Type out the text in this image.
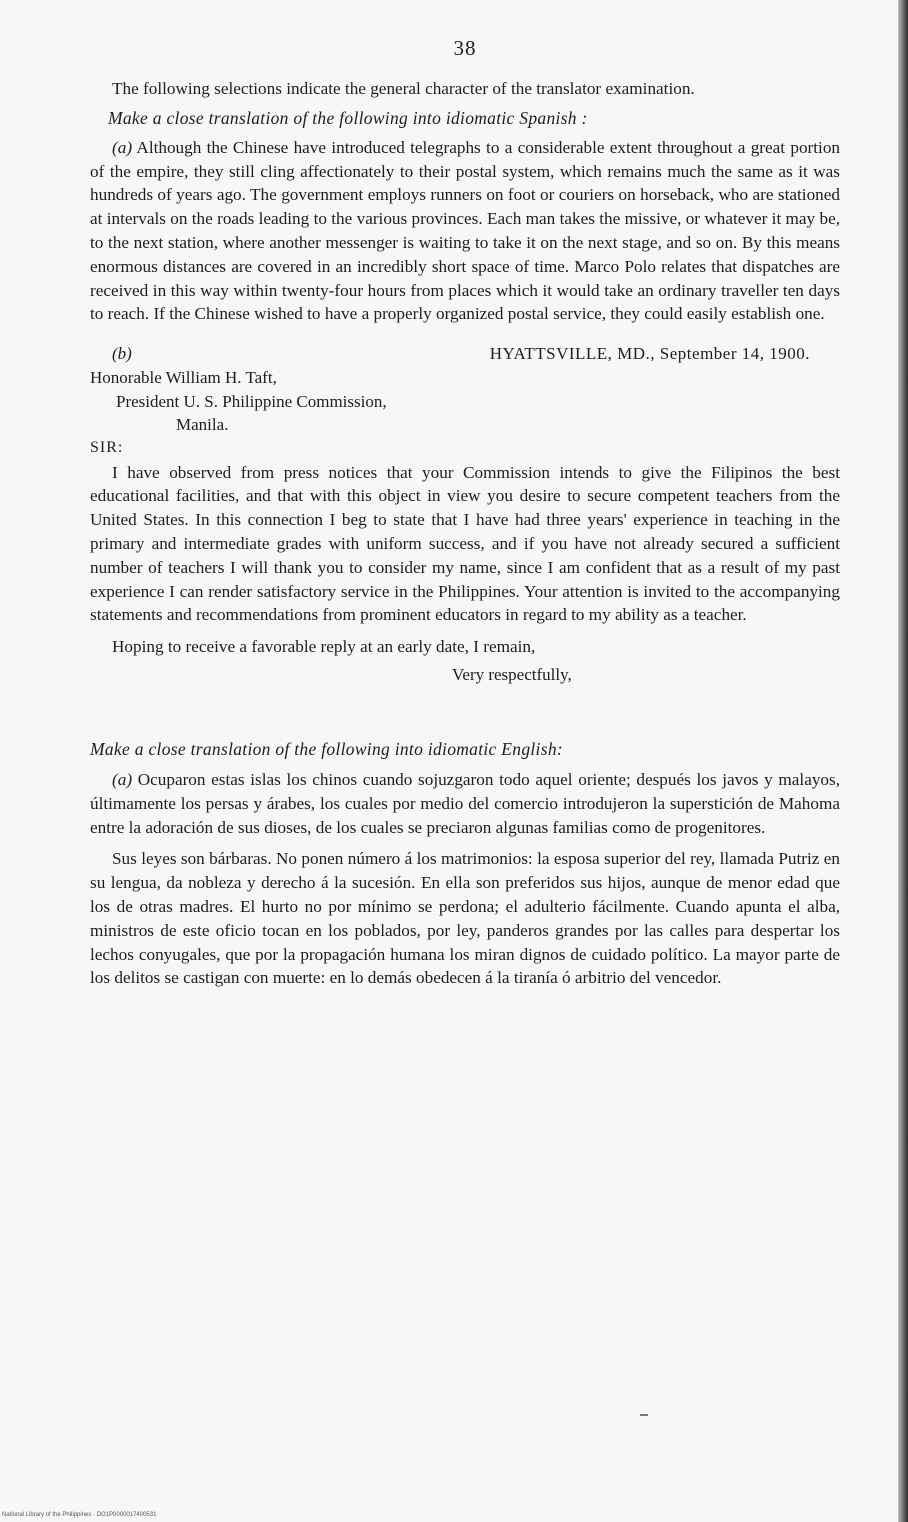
38

The following selections indicate the general character of the translator examination.

Make a close translation of the following into idiomatic Spanish :

(a) Although the Chinese have introduced telegraphs to a considerable extent throughout a great portion of the empire, they still cling affectionately to their postal system, which remains much the same as it was hundreds of years ago. The government employs runners on foot or couriers on horseback, who are stationed at intervals on the roads leading to the various provinces. Each man takes the missive, or whatever it may be, to the next station, where another messenger is waiting to take it on the next stage, and so on. By this means enormous distances are covered in an incredibly short space of time. Marco Polo relates that dispatches are received in this way within twenty-four hours from places which it would take an ordinary traveller ten days to reach. If the Chinese wished to have a properly organized postal service, they could easily establish one.

(b)	HYATTSVILLE, MD., September 14, 1900.
Honorable William H. Taft,
President U. S. Philippine Commission,
Manila.
SIR:

I have observed from press notices that your Commission intends to give the Filipinos the best educational facilities, and that with this object in view you desire to secure competent teachers from the United States. In this connection I beg to state that I have had three years' experience in teaching in the primary and intermediate grades with uniform success, and if you have not already secured a sufficient number of teachers I will thank you to consider my name, since I am confident that as a result of my past experience I can render satisfactory service in the Philippines. Your attention is invited to the accompanying statements and recommendations from prominent educators in regard to my ability as a teacher.

Hoping to receive a favorable reply at an early date, I remain,

Very respectfully,
Make a close translation of the following into idiomatic English:

(a) Ocuparon estas islas los chinos cuando sojuzgaron todo aquel oriente; después los javos y malayos, últimamente los persas y árabes, los cuales por medio del comercio introdujeron la superstición de Mahoma entre la adoración de sus dioses, de los cuales se preciaron algunas familias como de progenitores.

Sus leyes son bárbaras. No ponen número á los matrimonios: la esposa superior del rey, llamada Putriz en su lengua, da nobleza y derecho á la sucesión. En ella son preferidos sus hijos, aunque de menor edad que los de otras madres. El hurto no por mínimo se perdona; el adulterio fácilmente. Cuando apunta el alba, ministros de este oficio tocan en los poblados, por ley, panderos grandes por las calles para despertar los lechos conyugales, que por la propagación humana los miran dignos de cuidado político. La mayor parte de los delitos se castigan con muerte: en lo demás obedecen á la tiranía ó arbitrio del vencedor.

National Library of the Philippines · DO1P0000017400531
